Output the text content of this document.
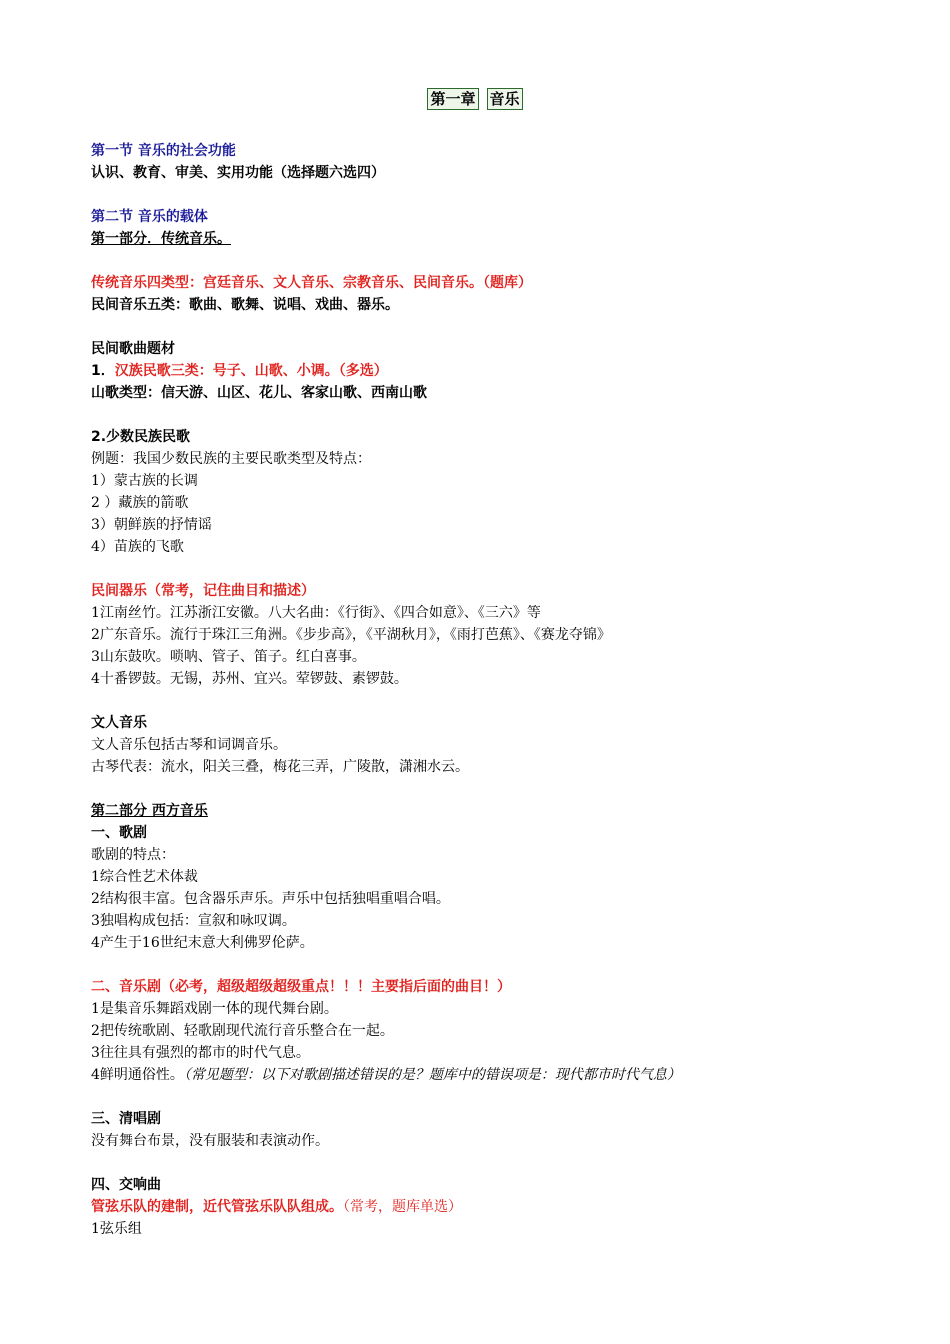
第一章 音乐
第一节 音乐的社会功能
认识、教育、审美、实用功能（选择题六选四）
第二节 音乐的载体
第一部分．传统音乐。
传统音乐四类型：宫廷音乐、文人音乐、宗教音乐、民间音乐。（题库）
民间音乐五类：歌曲、歌舞、说唱、戏曲、器乐。
民间歌曲题材
1．汉族民歌三类：号子、山歌、小调。（多选）
山歌类型：信天游、山区、花儿、客家山歌、西南山歌
2.少数民族民歌
例题：我国少数民族的主要民歌类型及特点：
1）蒙古族的长调
2 ）藏族的箭歌
3）朝鲜族的抒情谣
4）苗族的飞歌
民间器乐（常考，记住曲目和描述）
1江南丝竹。江苏浙江安徽。八大名曲：《行街》、《四合如意》、《三六》等
2广东音乐。流行于珠江三角洲。《步步高》，《平湖秋月》，《雨打芭蕉》、《赛龙夺锦》
3山东鼓吹。唢呐、管子、笛子。红白喜事。
4十番锣鼓。无锡，苏州、宜兴。荤锣鼓、素锣鼓。
文人音乐
文人音乐包括古琴和词调音乐。
古琴代表：流水，阳关三叠，梅花三弄，广陵散，潇湘水云。
第二部分 西方音乐
一、歌剧
歌剧的特点：
1综合性艺术体裁
2结构很丰富。包含器乐声乐。声乐中包括独唱重唱合唱。
3独唱构成包括：宣叙和咏叹调。
4产生于16世纪末意大利佛罗伦萨。
二、音乐剧（必考，超级超级超级重点！！！主要指后面的曲目！）
1是集音乐舞蹈戏剧一体的现代舞台剧。
2把传统歌剧、轻歌剧现代流行音乐整合在一起。
3往往具有强烈的都市的时代气息。
4鲜明通俗性。（常见题型：以下对歌剧描述错误的是？题库中的错误项是：现代都市时代气息）
三、清唱剧
没有舞台布景，没有服装和表演动作。
四、交响曲
管弦乐队的建制，近代管弦乐队队组成。（常考，题库单选）
1弦乐组
